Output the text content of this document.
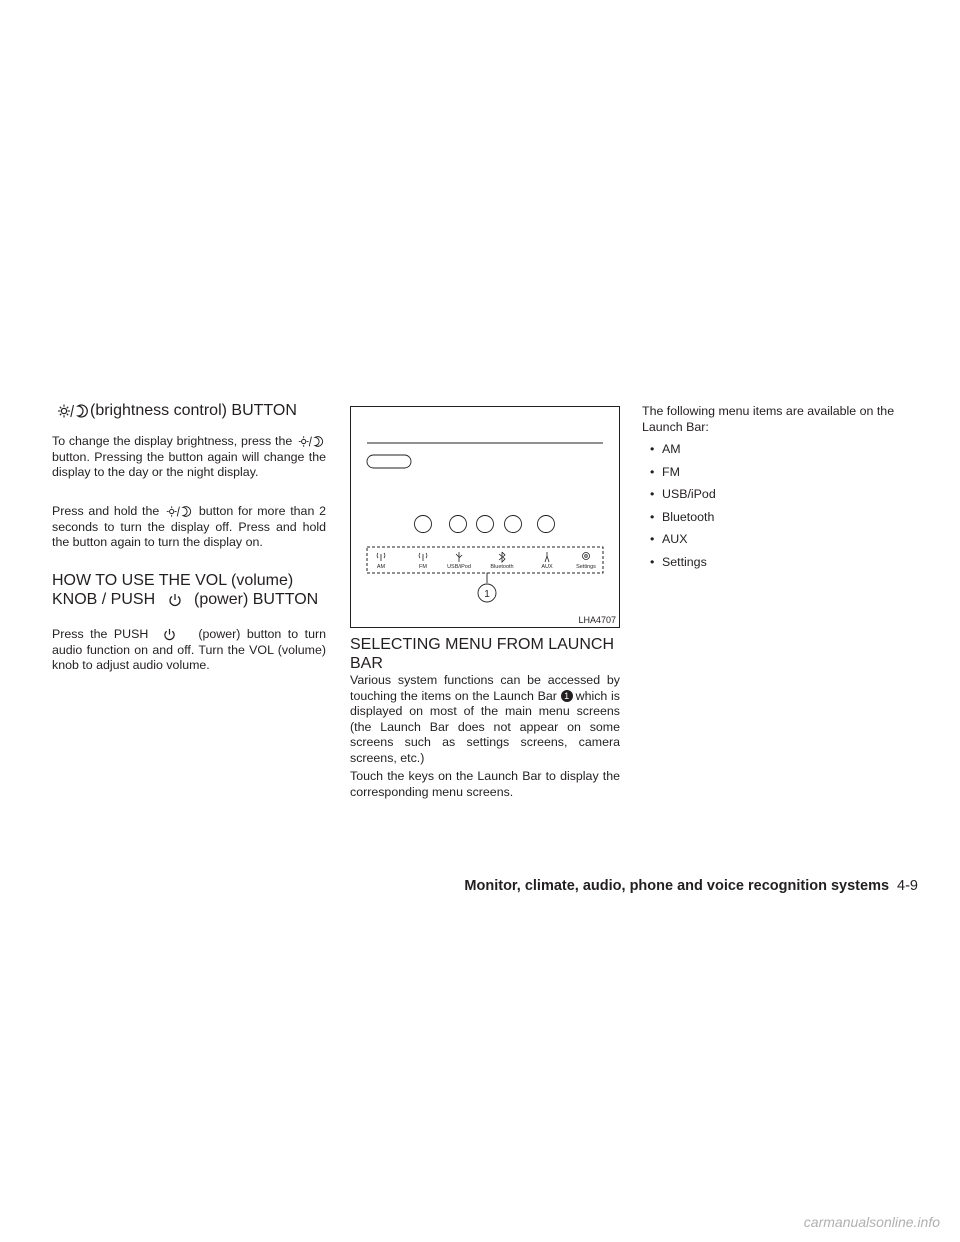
(brightness control) BUTTON

To change the display brightness, press the  button. Pressing the button again will change the display to the day or the night display.

Press and hold the	button for more than 2 seconds to turn the display off. Press and hold the button again to turn the display on.

HOW TO USE THE VOL (volume) KNOB / PUSH (power) BUTTON

Press the PUSH	(power) button to turn audio function on and off. Turn the VOL (volume) knob to adjust audio volume.

AM	FM	USB/iPod	Bluetooth	AUX	Settings
1
LHA4707
SELECTING MENU FROM LAUNCH BAR

Various system functions can be accessed by touching the items on the Launch Bar 1 which is displayed on most of the main menu screens (the Launch Bar does not appear on some screens such as settings screens, camera screens, etc.)

Touch the keys on the Launch Bar to display the corresponding menu screens.

The following menu items are available on the Launch Bar:

• AM
• FM
• USB/iPod
• Bluetooth
• AUX
• Settings
Monitor, climate, audio, phone and voice recognition systems 4-9
carmanualsonline.info
